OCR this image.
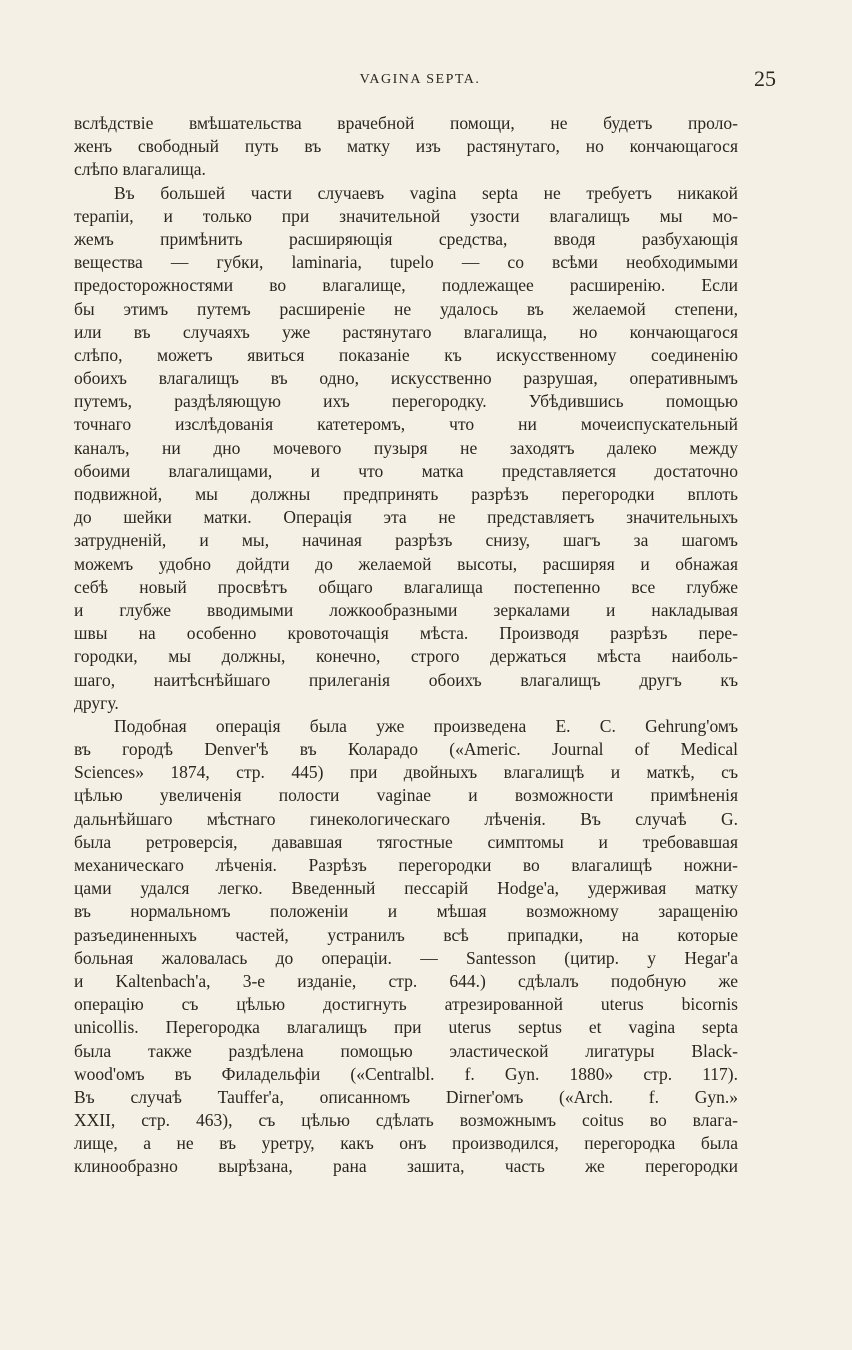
VAGINA SEPTA.	25
вслѣдствіе вмѣшательства врачебной помощи, не будетъ проло-
женъ свободный путь въ матку изъ растянутаго, но кончающагося
слѣпо влагалища.
Въ большей части случаевъ vagina septa не требуетъ никакой
терапіи, и только при значительной узости влагалищъ мы мо-
жемъ примѣнить расширяющія средства, вводя разбухающія
вещества — губки, laminaria, tupelo — со всѣми необходимыми
предосторожностями во влагалище, подлежащее расширенію. Если
бы этимъ путемъ расширеніе не удалось въ желаемой степени,
или въ случаяхъ уже растянутаго влагалища, но кончающагося
слѣпо, можетъ явиться показаніе къ искусственному соединенію
обоихъ влагалищъ въ одно, искусственно разрушая, оперативнымъ
путемъ, раздѣляющую ихъ перегородку. Убѣдившись помощью
точнаго изслѣдованія катетеромъ, что ни мочеиспускательный
каналъ, ни дно мочевого пузыря не заходятъ далеко между
обоими влагалищами, и что матка представляется достаточно
подвижной, мы должны предпринять разрѣзъ перегородки вплоть
до шейки матки. Операція эта не представляетъ значительныхъ
затрудненій, и мы, начиная разрѣзъ снизу, шагъ за шагомъ
можемъ удобно дойдти до желаемой высоты, расширяя и обнажая
себѣ новый просвѣтъ общаго влагалища постепенно все глубже
и глубже вводимыми ложкообразными зеркалами и накладывая
швы на особенно кровоточащія мѣста. Производя разрѣзъ пере-
городки, мы должны, конечно, строго держаться мѣста наиболь-
шаго, наитѣснѣйшаго прилеганія обоихъ влагалищъ другъ къ
другу.
Подобная операція была уже произведена E. C. Gehrung'омъ
въ городѣ Denver'ѣ въ Коларадо («Americ. Journal of Medical
Sciences» 1874, стр. 445) при двойныхъ влагалищѣ и маткѣ, съ
цѣлью увеличенія полости vaginae и возможности примѣненія
дальнѣйшаго мѣстнаго гинекологическаго лѣченія. Въ случаѣ G.
была ретроверсія, дававшая тягостные симптомы и требовавшая
механическаго лѣченія. Разрѣзъ перегородки во влагалищѣ ножни-
цами удался легко. Введенный пессарій Hodge'а, удерживая матку
въ нормальномъ положеніи и мѣшая возможному заращенію
разъединенныхъ частей, устранилъ всѣ припадки, на которые
больная жаловалась до операціи. — Santesson (цитир. у Hegar'а
и Kaltenbach'а, 3-е изданіе, стр. 644.) сдѣлалъ подобную же
операцію съ цѣлью достигнуть атрезированной uterus bicornis
unicollis. Перегородка влагалищъ при uterus septus et vagina septa
была также раздѣлена помощью эластической лигатуры Black-
wood'омъ въ Филадельфіи («Centralbl. f. Gyn. 1880» стр. 117).
Въ случаѣ Tauffer'а, описанномъ Dirner'омъ («Arch. f. Gyn.»
XXII, стр. 463), съ цѣлью сдѣлать возможнымъ coitus во влага-
лище, а не въ уретру, какъ онъ производился, перегородка была
клинообразно вырѣзана, рана зашита, часть же перегородки
